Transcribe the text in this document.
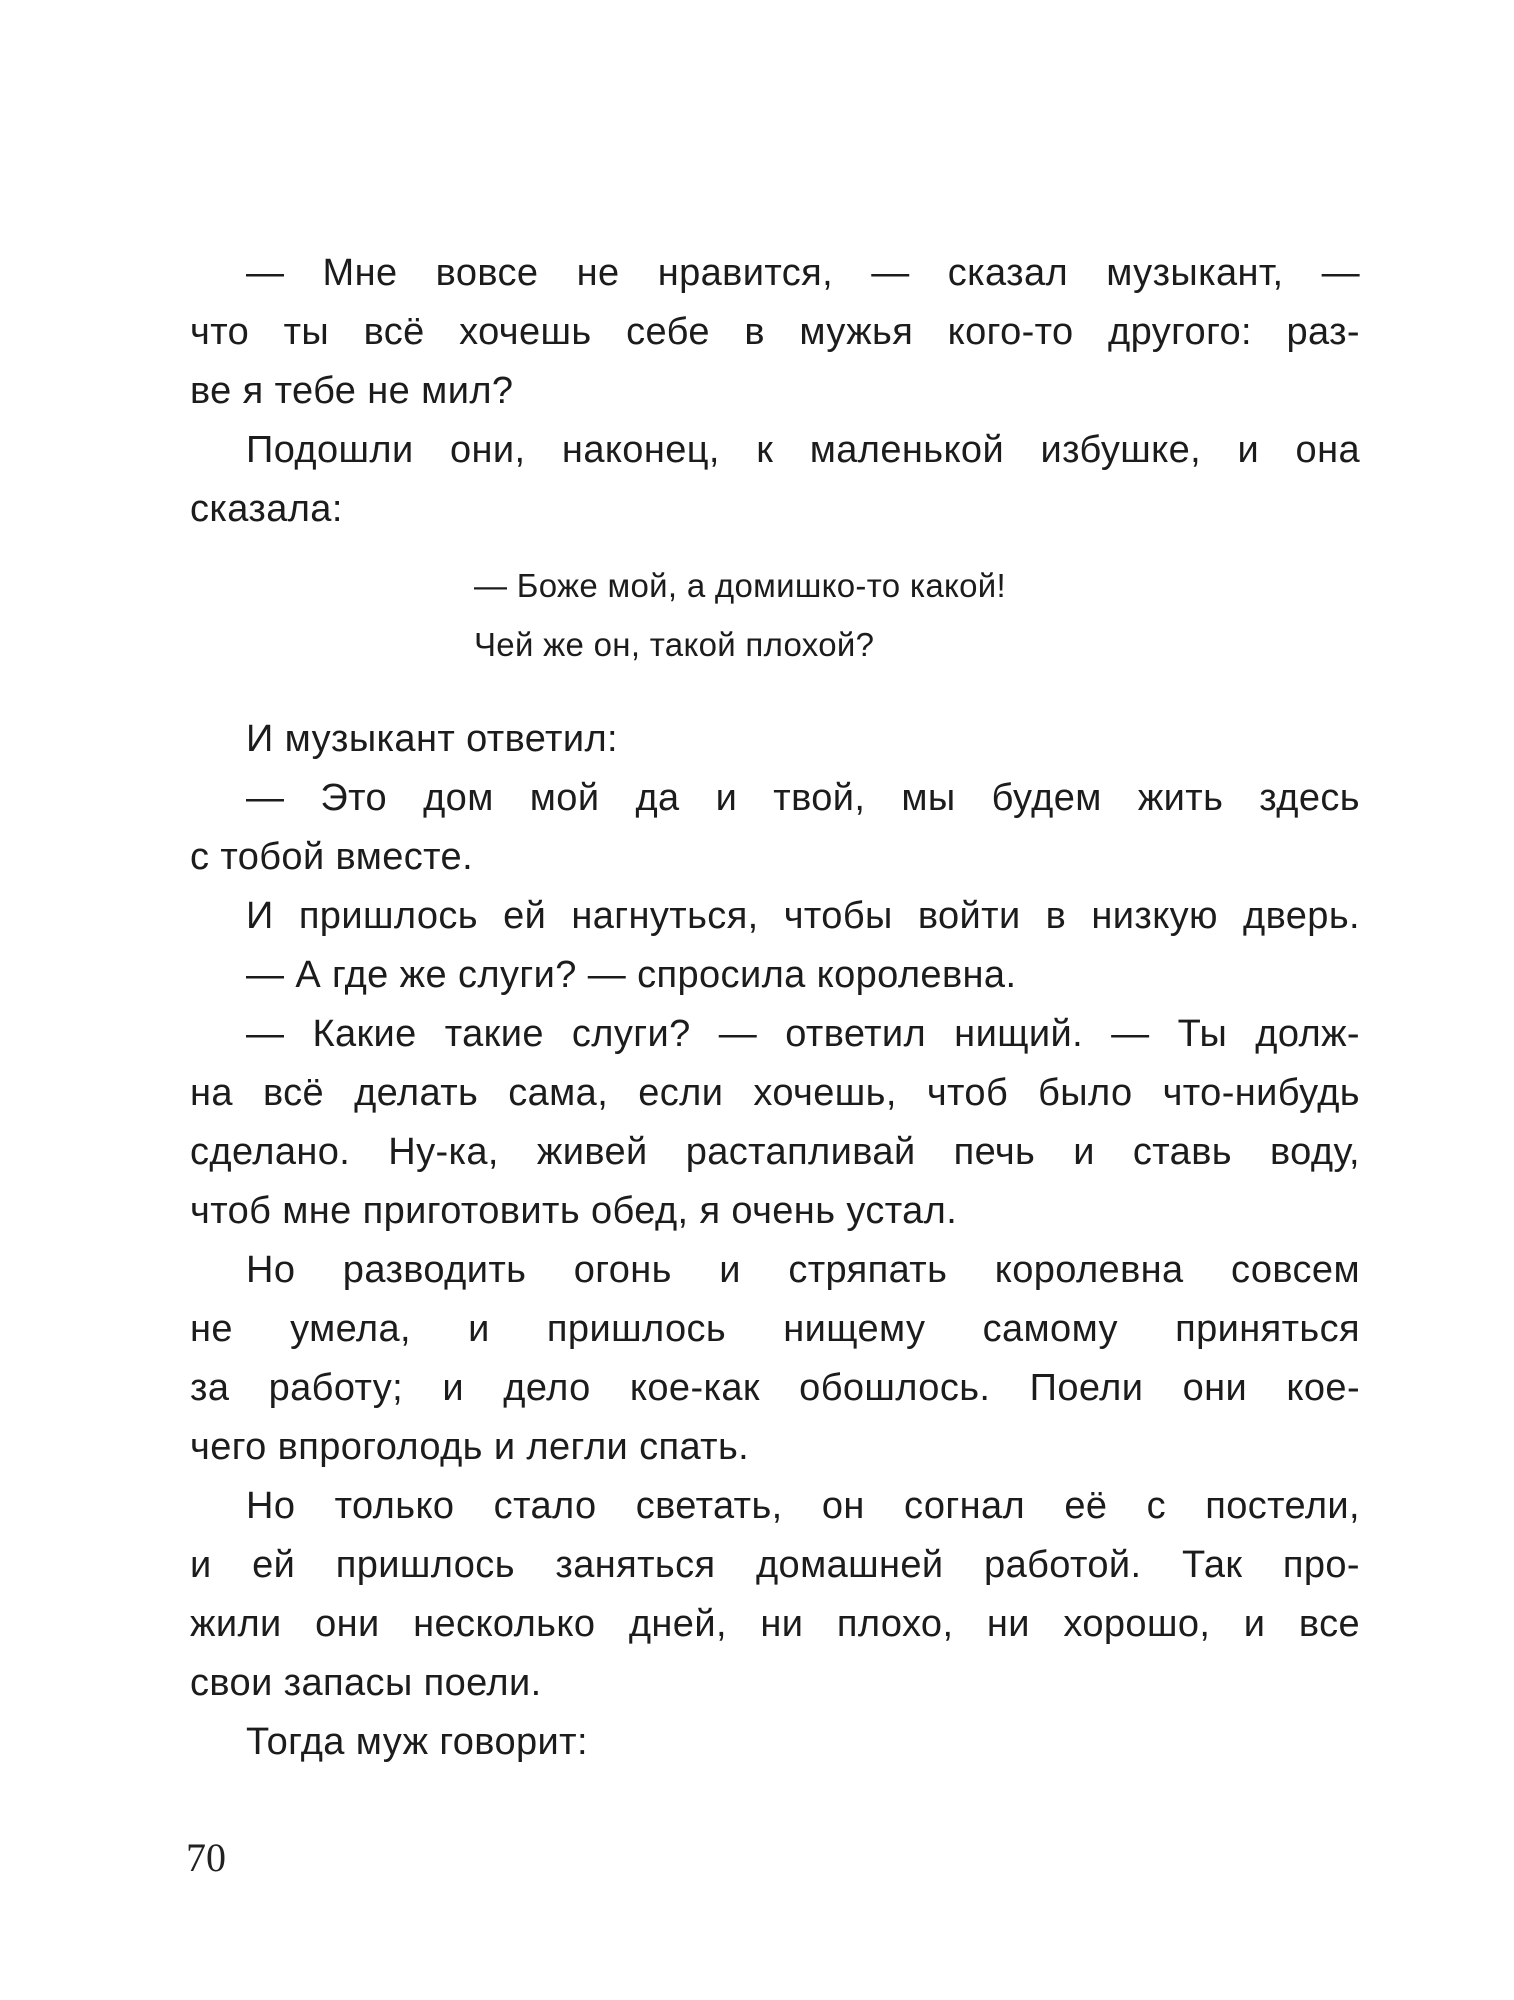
— Мне вовсе не нравится, — сказал музыкант, —
что ты всё хочешь себе в мужья кого-то другого: раз-
ве я тебе не мил?
Подошли они, наконец, к маленькой избушке, и она
сказала:
— Боже мой, а домишко-то какой!
Чей же он, такой плохой?
И музыкант ответил:
— Это дом мой да и твой, мы будем жить здесь
с тобой вместе.
И пришлось ей нагнуться, чтобы войти в низкую дверь.
— А где же слуги? — спросила королевна.
— Какие такие слуги? — ответил нищий. — Ты долж-
на всё делать сама, если хочешь, чтоб было что-нибудь
сделано. Ну-ка, живей растапливай печь и ставь воду,
чтоб мне приготовить обед, я очень устал.
Но разводить огонь и стряпать королевна совсем
не умела, и пришлось нищему самому приняться
за работу; и дело кое-как обошлось. Поели они кое-
чего впроголодь и легли спать.
Но только стало светать, он согнал её с постели,
и ей пришлось заняться домашней работой. Так про-
жили они несколько дней, ни плохо, ни хорошо, и все
свои запасы поели.
Тогда муж говорит:
70
